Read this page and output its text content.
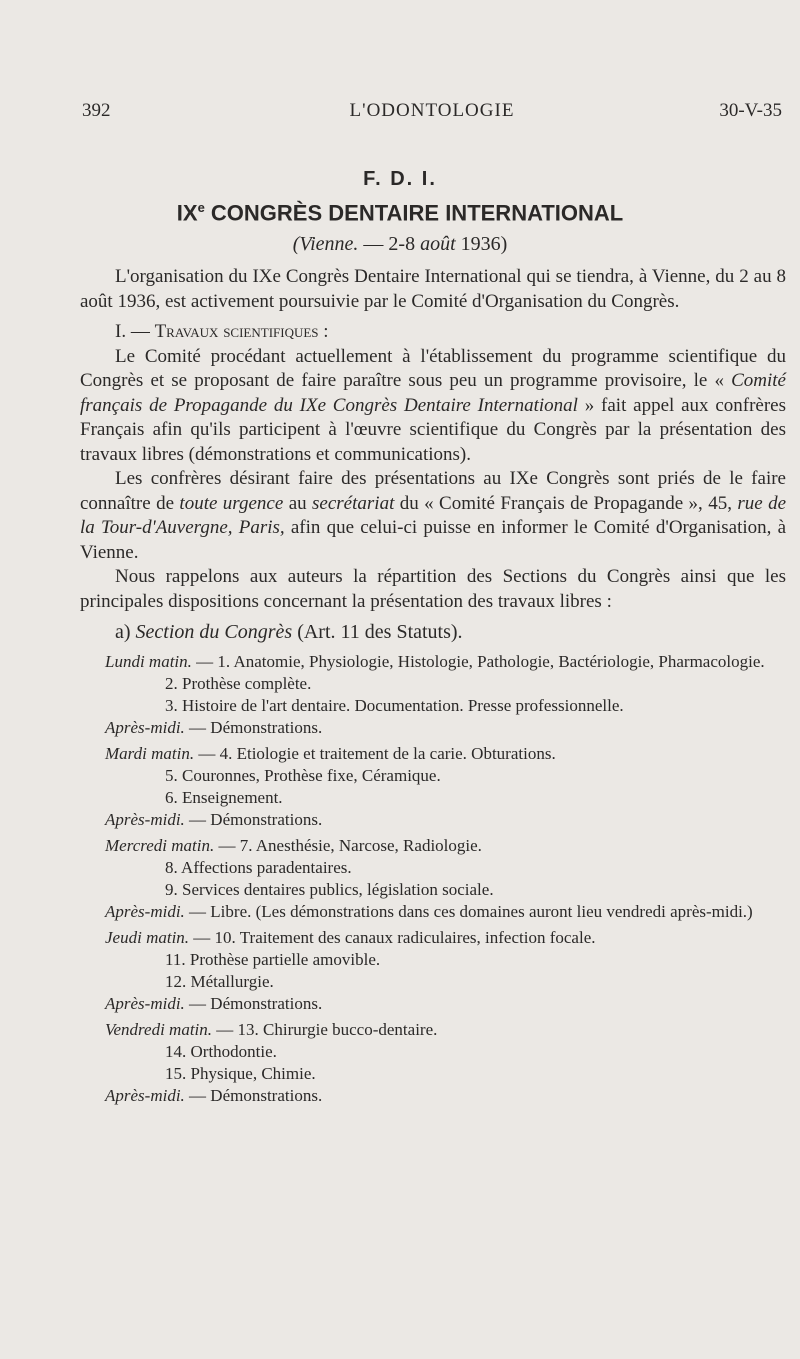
392	L'ODONTOLOGIE	30-V-35
F. D. I.
IXe CONGRÈS DENTAIRE INTERNATIONAL
(Vienne. — 2-8 août 1936)

L'organisation du IXe Congrès Dentaire International qui se tiendra, à Vienne, du 2 au 8 août 1936, est activement poursuivie par le Comité d'Organisation du Congrès.

I. — Travaux scientifiques :

Le Comité procédant actuellement à l'établissement du programme scientifique du Congrès et se proposant de faire paraître sous peu un programme provisoire, le « Comité français de Propagande du IXe Congrès Dentaire International » fait appel aux confrères Français afin qu'ils participent à l'œuvre scientifique du Congrès par la présentation des travaux libres (démonstrations et communications).

Les confrères désirant faire des présentations au IXe Congrès sont priés de le faire connaître de toute urgence au secrétariat du « Comité Français de Propagande », 45, rue de la Tour-d'Auvergne, Paris, afin que celui-ci puisse en informer le Comité d'Organisation, à Vienne.

Nous rappelons aux auteurs la répartition des Sections du Congrès ainsi que les principales dispositions concernant la présentation des travaux libres :

a) Section du Congrès (Art. 11 des Statuts).

Lundi matin. — 1. Anatomie, Physiologie, Histologie, Pathologie, Bactériologie, Pharmacologie.
2. Prothèse complète.
3. Histoire de l'art dentaire. Documentation. Presse professionnelle.
Après-midi. — Démonstrations.
Mardi matin. — 4. Etiologie et traitement de la carie. Obturations.
5. Couronnes, Prothèse fixe, Céramique.
6. Enseignement.
Après-midi. — Démonstrations.
Mercredi matin. — 7. Anesthésie, Narcose, Radiologie.
8. Affections paradentaires.
9. Services dentaires publics, législation sociale.
Après-midi. — Libre. (Les démonstrations dans ces domaines auront lieu vendredi après-midi.)
Jeudi matin. — 10. Traitement des canaux radiculaires, infection focale.
11. Prothèse partielle amovible.
12. Métallurgie.
Après-midi. — Démonstrations.
Vendredi matin. — 13. Chirurgie bucco-dentaire.
14. Orthodontie.
15. Physique, Chimie.
Après-midi. — Démonstrations.
